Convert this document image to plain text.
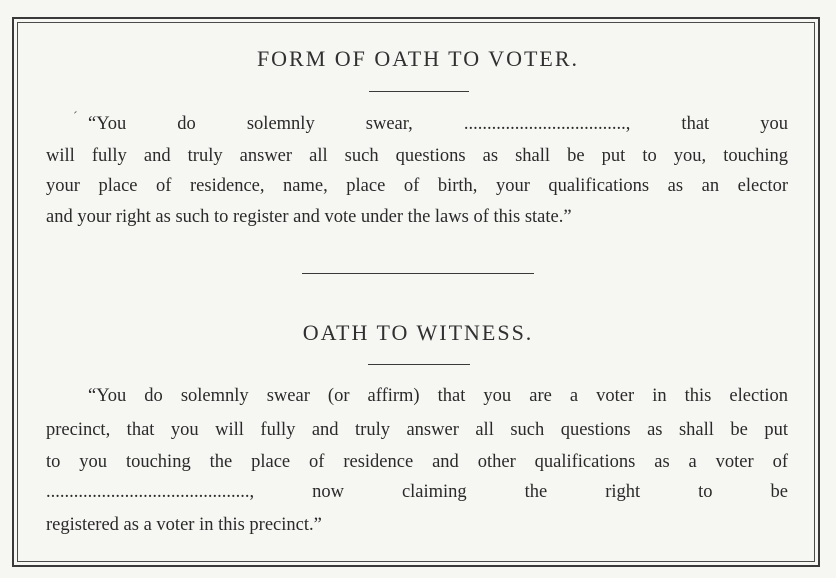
´
FORM OF OATH TO VOTER.
“You do solemnly swear, ..................................., that you
will fully and truly answer all such questions as shall be put to you, touching
your place of residence, name, place of birth, your qualifications as an elector
and your right as such to register and vote under the laws of this state.”
OATH TO WITNESS.
“You do solemnly swear (or affirm) that you are a voter in this election
precinct, that you will fully and truly answer all such questions as shall be put
to you touching the place of residence and other qualifications as a voter of
............................................, now claiming the right to be
registered as a voter in this precinct.”
